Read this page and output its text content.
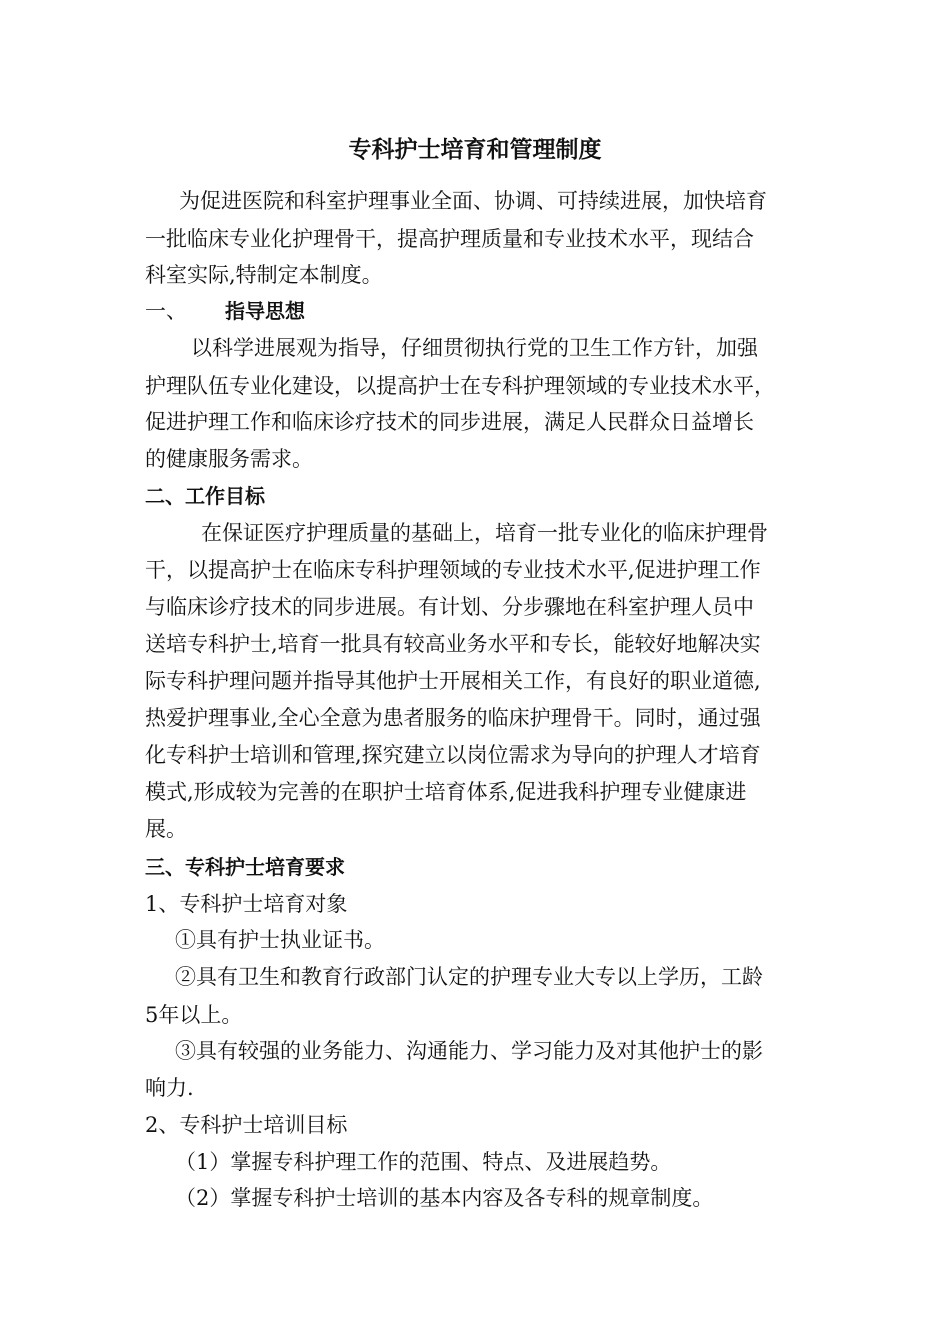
专科护士培育和管理制度
为促进医院和科室护理事业全面、协调、可持续进展，加快培育
一批临床专业化护理骨干，提高护理质量和专业技术水平，现结合
科室实际,特制定本制度。
一、 指导思想
以科学进展观为指导，仔细贯彻执行党的卫生工作方针，加强
护理队伍专业化建设，以提高护士在专科护理领域的专业技术水平，
促进护理工作和临床诊疗技术的同步进展，满足人民群众日益增长
的健康服务需求。
二、工作目标
在保证医疗护理质量的基础上，培育一批专业化的临床护理骨
干，以提高护士在临床专科护理领域的专业技术水平,促进护理工作
与临床诊疗技术的同步进展。有计划、分步骤地在科室护理人员中
送培专科护士,培育一批具有较高业务水平和专长，能较好地解决实
际专科护理问题并指导其他护士开展相关工作，有良好的职业道德,
热爱护理事业,全心全意为患者服务的临床护理骨干。同时，通过强
化专科护士培训和管理,探究建立以岗位需求为导向的护理人才培育
模式,形成较为完善的在职护士培育体系,促进我科护理专业健康进
展。
三、专科护士培育要求
1、专科护士培育对象
①具有护士执业证书。
②具有卫生和教育行政部门认定的护理专业大专以上学历，工龄
5年以上。
③具有较强的业务能力、沟通能力、学习能力及对其他护士的影
响力.
2、专科护士培训目标
（1）掌握专科护理工作的范围、特点、及进展趋势。
（2）掌握专科护士培训的基本内容及各专科的规章制度。
